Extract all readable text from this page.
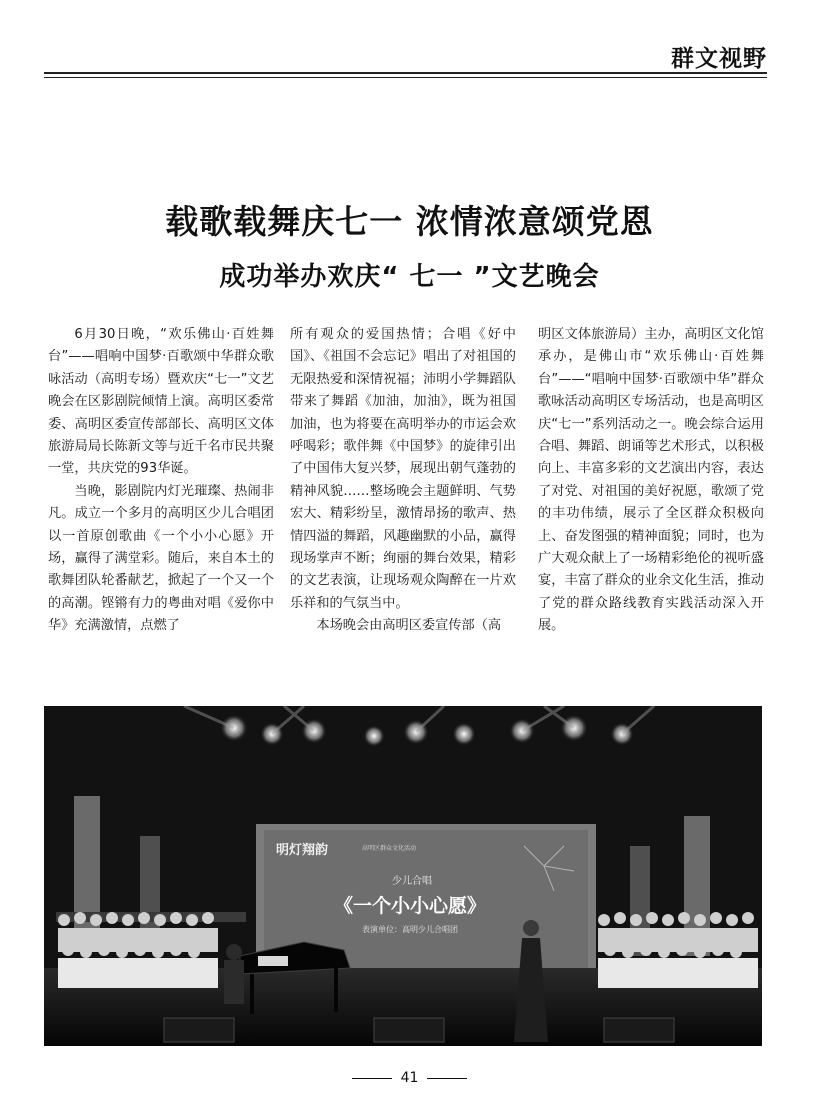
群文视野
载歌载舞庆七一 浓情浓意颂党恩
成功举办欢庆“ 七一 ”文艺晚会

6月30日晚，“欢乐佛山·百姓舞台”——唱响中国梦·百歌颂中华群众歌咏活动（高明专场）暨欢庆“七一”文艺晚会在区影剧院倾情上演。高明区委常委、高明区委宣传部部长、高明区文体旅游局局长陈新文等与近千名市民共聚一堂，共庆党的93华诞。

当晚，影剧院内灯光璀璨、热闹非凡。成立一个多月的高明区少儿合唱团以一首原创歌曲《一个小小心愿》开场，赢得了满堂彩。随后，来自本土的歌舞团队轮番献艺，掀起了一个又一个的高潮。铿锵有力的粤曲对唱《爱你中华》充满激情，点燃了

所有观众的爱国热情；合唱《好中国》、《祖国不会忘记》唱出了对祖国的无限热爱和深情祝福；沛明小学舞蹈队带来了舞蹈《加油，加油》，既为祖国加油，也为将要在高明举办的市运会欢呼喝彩；歌伴舞《中国梦》的旋律引出了中国伟大复兴梦，展现出朝气蓬勃的精神风貌……整场晚会主题鲜明、气势宏大、精彩纷呈，激情昂扬的歌声、热情四溢的舞蹈，风趣幽默的小品，赢得现场掌声不断；绚丽的舞台效果，精彩的文艺表演，让现场观众陶醉在一片欢乐祥和的气氛当中。

本场晚会由高明区委宣传部（高

明区文体旅游局）主办，高明区文化馆承办，是佛山市“欢乐佛山·百姓舞台”——“唱响中国梦·百歌颂中华”群众歌咏活动高明区专场活动，也是高明区庆“七一”系列活动之一。晚会综合运用合唱、舞蹈、朗诵等艺术形式，以积极向上、丰富多彩的文艺演出内容，表达了对党、对祖国的美好祝愿，歌颂了党的丰功伟绩，展示了全区群众积极向上、奋发图强的精神面貌；同时，也为广大观众献上了一场精彩绝伦的视听盛宴，丰富了群众的业余文化生活，推动了党的群众路线教育实践活动深入开展。

明灯翔韵	高明区群众文化活动
少儿合唱
《一个小小心愿》
表演单位：高明少儿合唱团
41
